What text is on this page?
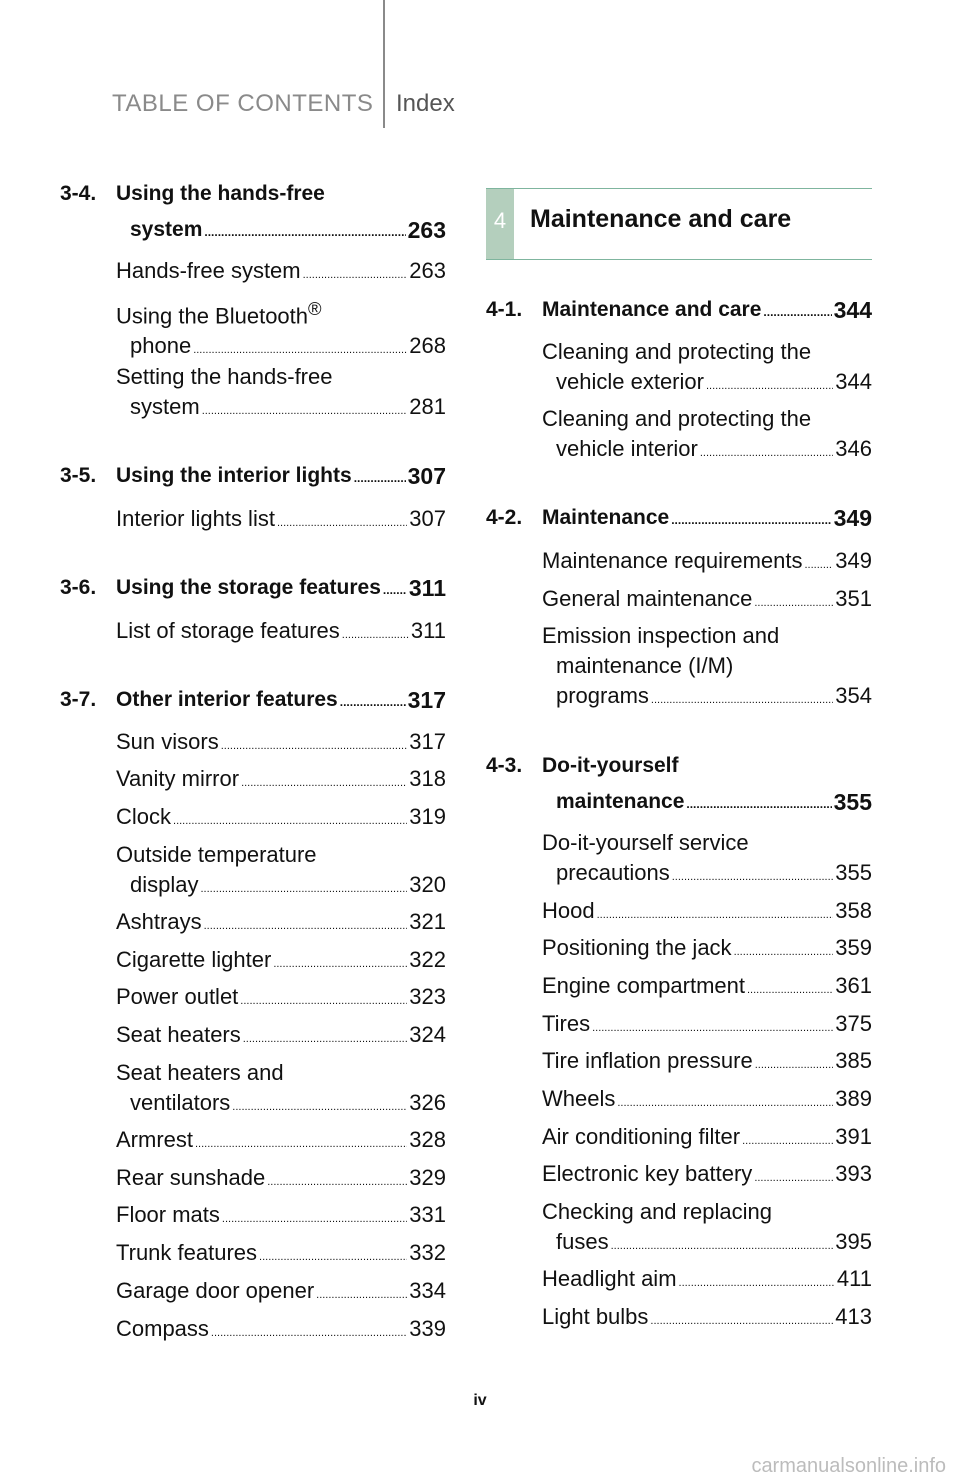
TABLE OF CONTENTS Index
3-4. Using the hands-free
system .....	263
Hands-free system .....	263
Using the Bluetooth®
phone .....	268
Setting the hands-free
system .....	281
3-5. Using the interior lights ..... 307
Interior lights list .....	307
3-6. Using the storage features ..... 311
List of storage features .....	311
3-7. Other interior features .....	317
Sun visors .....	317
Vanity mirror .....	318
Clock .....	319
Outside temperature
display .....	320
Ashtrays .....	321
Cigarette lighter .....	322
Power outlet .....	323
Seat heaters .....	324
Seat heaters and
ventilators .....	326
Armrest .....	328
Rear sunshade .....	329
Floor mats .....	331
Trunk features .....	332
Garage door opener .....	334
Compass .....	339
4 Maintenance and care
4-1. Maintenance and care .....	344
Cleaning and protecting the
vehicle exterior .....	344
Cleaning and protecting the
vehicle interior .....	346
4-2. Maintenance .....	349
Maintenance requirements ..... 349
General maintenance .....	351
Emission inspection and
maintenance (I/M)
programs .....	354
4-3. Do-it-yourself
maintenance .....	355
Do-it-yourself service
precautions .....	355
Hood .....	358
Positioning the jack .....	359
Engine compartment .....	361
Tires .....	375
Tire inflation pressure .....	385
Wheels .....	389
Air conditioning filter .....	391
Electronic key battery .....	393
Checking and replacing
fuses .....	395
Headlight aim .....	411
Light bulbs .....	413
iv
carmanualsonline.info
